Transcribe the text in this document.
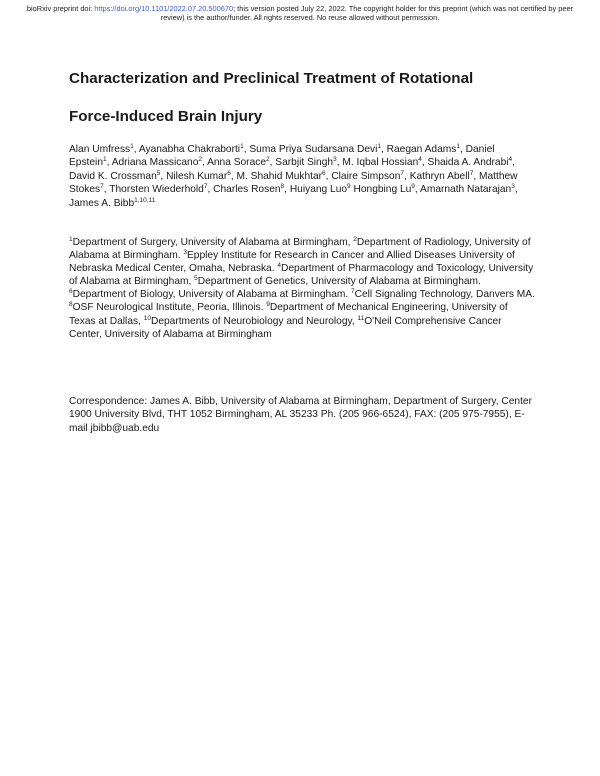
bioRxiv preprint doi: https://doi.org/10.1101/2022.07.20.500670; this version posted July 22, 2022. The copyright holder for this preprint (which was not certified by peer review) is the author/funder. All rights reserved. No reuse allowed without permission.
Characterization and Preclinical Treatment of Rotational
Force-Induced Brain Injury
Alan Umfress$^1$, Ayanabha Chakraborti$^1$, Suma Priya Sudarsana Devi$^1$, Raegan Adams$^1$, Daniel Epstein$^1$, Adriana Massicano$^2$, Anna Sorace$^2$, Sarbjit Singh$^3$, M. Iqbal Hossian$^4$, Shaida A. Andrabi$^4$, David K. Crossman$^5$, Nilesh Kumar$^6$, M. Shahid Mukhtar$^6$, Claire Simpson$^7$, Kathryn Abell$^7$, Matthew Stokes$^7$, Thorsten Wiederhold$^7$, Charles Rosen$^8$, Huiyang Luo$^9$ Hongbing Lu$^9$, Amarnath Natarajan$^3$, James A. Bibb$^{1,10,11}$
$^1$Department of Surgery, University of Alabama at Birmingham, $^2$Department of Radiology, University of Alabama at Birmingham. $^3$Eppley Institute for Research in Cancer and Allied Diseases University of Nebraska Medical Center, Omaha, Nebraska. $^4$Department of Pharmacology and Toxicology, University of Alabama at Birmingham, $^5$Department of Genetics, University of Alabama at Birmingham. $^6$Department of Biology, University of Alabama at Birmingham. $^7$Cell Signaling Technology, Danvers MA. $^8$OSF Neurological Institute, Peoria, Illinois. $^9$Department of Mechanical Engineering, University of Texas at Dallas, $^{10}$Departments of Neurobiology and Neurology, $^{11}$O'Neil Comprehensive Cancer Center, University of Alabama at Birmingham
Correspondence: James A. Bibb, University of Alabama at Birmingham, Department of Surgery, Center 1900 University Blvd, THT 1052 Birmingham, AL 35233 Ph. (205 966-6524), FAX: (205 975-7955), E-mail jbibb@uab.edu
